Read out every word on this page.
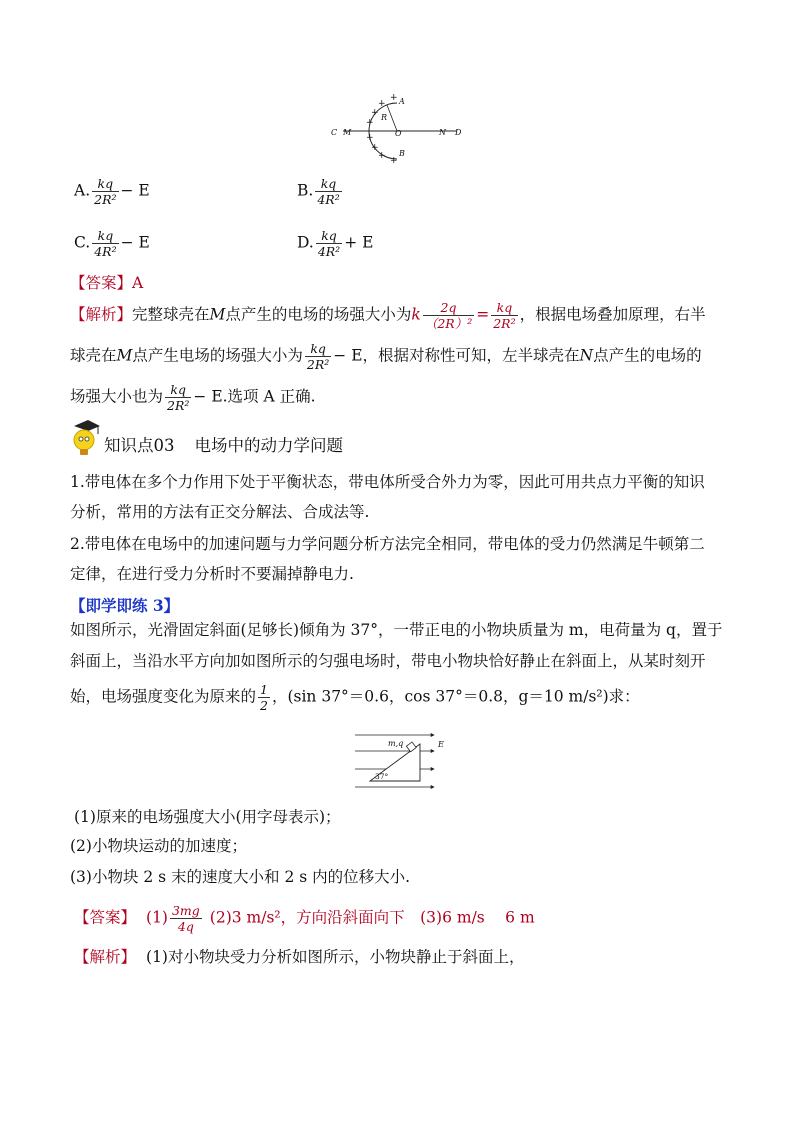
C M	O	N D
A
B
R
+
+
+
+
+
+
+ +
A. $\frac{kq}{\text{2R²}} - E$	B. $\frac{kq}{\text{4R²}}$
C. $\frac{kq}{\text{4R²}} - E$	D. $\frac{kq}{\text{4R²}} + E$
【答案】A
【解析】完整球壳在M点产生的电场的场强大小为k $\frac{2q}{\text{（2R）²}} = \frac{kq}{\text{2R²}}$ ，根据电场叠加原理，右半
球壳在M点产生电场的场强大小为 $\frac{kq}{\text{2R²}} - E$，根据对称性可知，左半球壳在N点产生的电场的
场强大小也为 $\frac{kq}{\text{2R²}} - E$.选项 A 正确.
知识点03 电场中的动力学问题
1.带电体在多个力作用下处于平衡状态，带电体所受合外力为零，因此可用共点力平衡的知识
分析，常用的方法有正交分解法、合成法等.
2.带电体在电场中的加速问题与力学问题分析方法完全相同，带电体的受力仍然满足牛顿第二
定律，在进行受力分析时不要漏掉静电力.
【即学即练 3】
如图所示，光滑固定斜面(足够长)倾角为 37°，一带正电的小物块质量为 m，电荷量为 q，置于
斜面上，当沿水平方向加如图所示的匀强电场时，带电小物块恰好静止在斜面上，从某时刻开
始，电场强度变化为原来的 $\frac{1}{2}$ ，(sin 37°＝0.6，cos 37°＝0.8，g＝10 m/s²)求：
m,q	E
37°
(1)原来的电场强度大小(用字母表示)；
(2)小物块运动的加速度；
(3)小物块 2 s 末的速度大小和 2 s 内的位移大小.
【答案】 $(1) \frac{3mg}{4q} (2)3$ m/s²，方向沿斜面向下　(3)6 m/s　 6 m
【解析】 (1)对小物块受力分析如图所示，小物块静止于斜面上，
